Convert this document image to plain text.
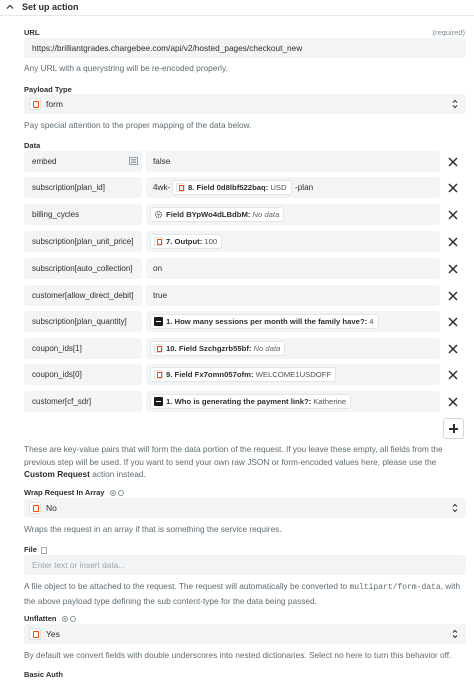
Set up action
URL	(required)
https://brilliantgrades.chargebee.com/api/v2/hosted_pages/checkout_new
Any URL with a querystring will be re-encoded properly.
Payload Type
form
Pay special attention to the proper mapping of the data below.
Data
embed	false
subscription[plan_id]	4wk- 8. Field 0d8lbf522baq: USD -plan
billing_cycles	Field BYpWo4dLBdbM: No data
subscription[plan_unit_price]	7. Output: 100
subscription[auto_collection] on
customer[allow_direct_debit] true
subscription[plan_quantity]	1. How many sessions per month will the family have?: 4
coupon_ids[1]	10. Field Szchgzrb55bf: No data
coupon_ids[0]	9. Field Fx7omn057ofm: WELCOME1USDOFF
customer[cf_sdr]	1. Who is generating the payment link?: Katherine
These are key-value pairs that will form the data portion of the request. If you leave these empty, all fields from the previous step will be used. If you want to send your own raw JSON or form-encoded values here, please use the Custom Request action instead.
Wrap Request In Array
No
Wraps the request in an array if that is something the service requires.
File
Enter text or insert data...
A file object to be attached to the request. The request will automatically be converted to multipart/form-data, with the above payload type defining the sub content-type for the data being passed.
Unflatten
Yes
By default we convert fields with double underscores into nested dictionaries. Select no here to turn this behavior off.
Basic Auth
